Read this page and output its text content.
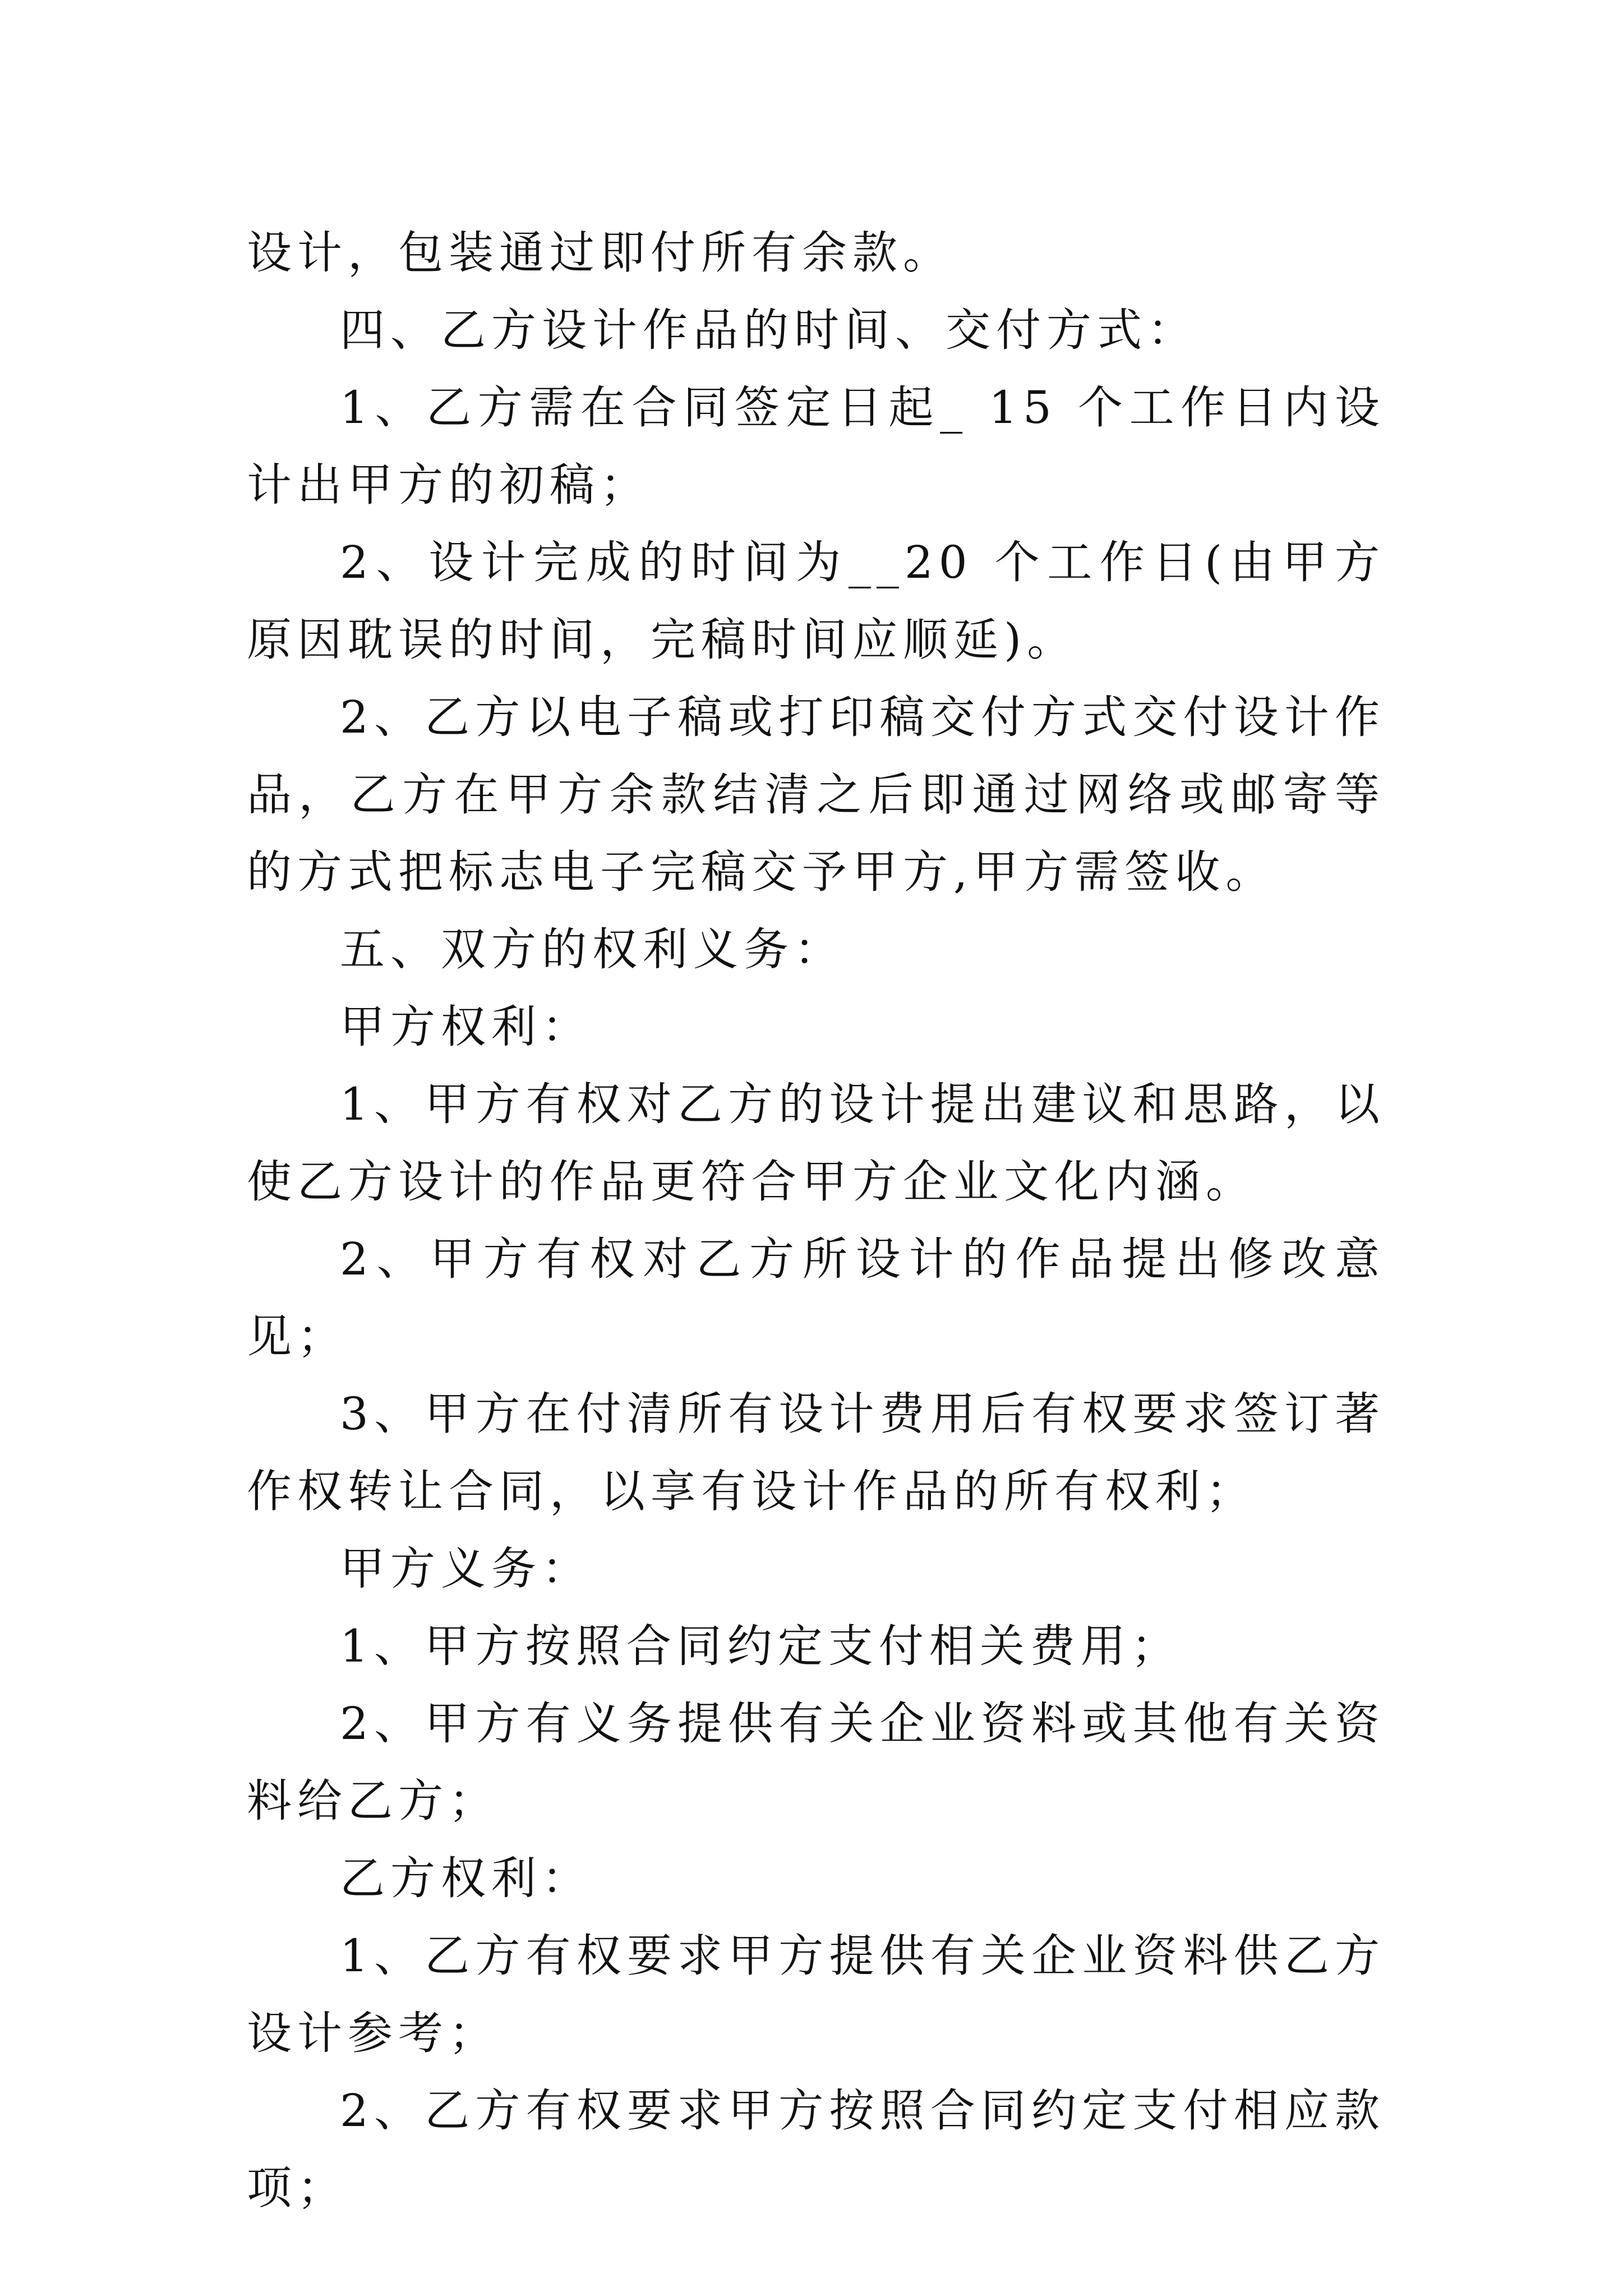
设计，包装通过即付所有余款。

四、乙方设计作品的时间、交付方式：

1、乙方需在合同签定日起_ 15 个工作日内设计出甲方的初稿；

2、设计完成的时间为__20 个工作日(由甲方原因耽误的时间，完稿时间应顺延)。

2、乙方以电子稿或打印稿交付方式交付设计作品，乙方在甲方余款结清之后即通过网络或邮寄等的方式把标志电子完稿交予甲方,甲方需签收。

五、双方的权利义务：

甲方权利：

1、甲方有权对乙方的设计提出建议和思路，以使乙方设计的作品更符合甲方企业文化内涵。

2、甲方有权对乙方所设计的作品提出修改意见；

3、甲方在付清所有设计费用后有权要求签订著作权转让合同，以享有设计作品的所有权利；

甲方义务：

1、甲方按照合同约定支付相关费用；

2、甲方有义务提供有关企业资料或其他有关资料给乙方；

乙方权利：

1、乙方有权要求甲方提供有关企业资料供乙方设计参考；

2、乙方有权要求甲方按照合同约定支付相应款项；
